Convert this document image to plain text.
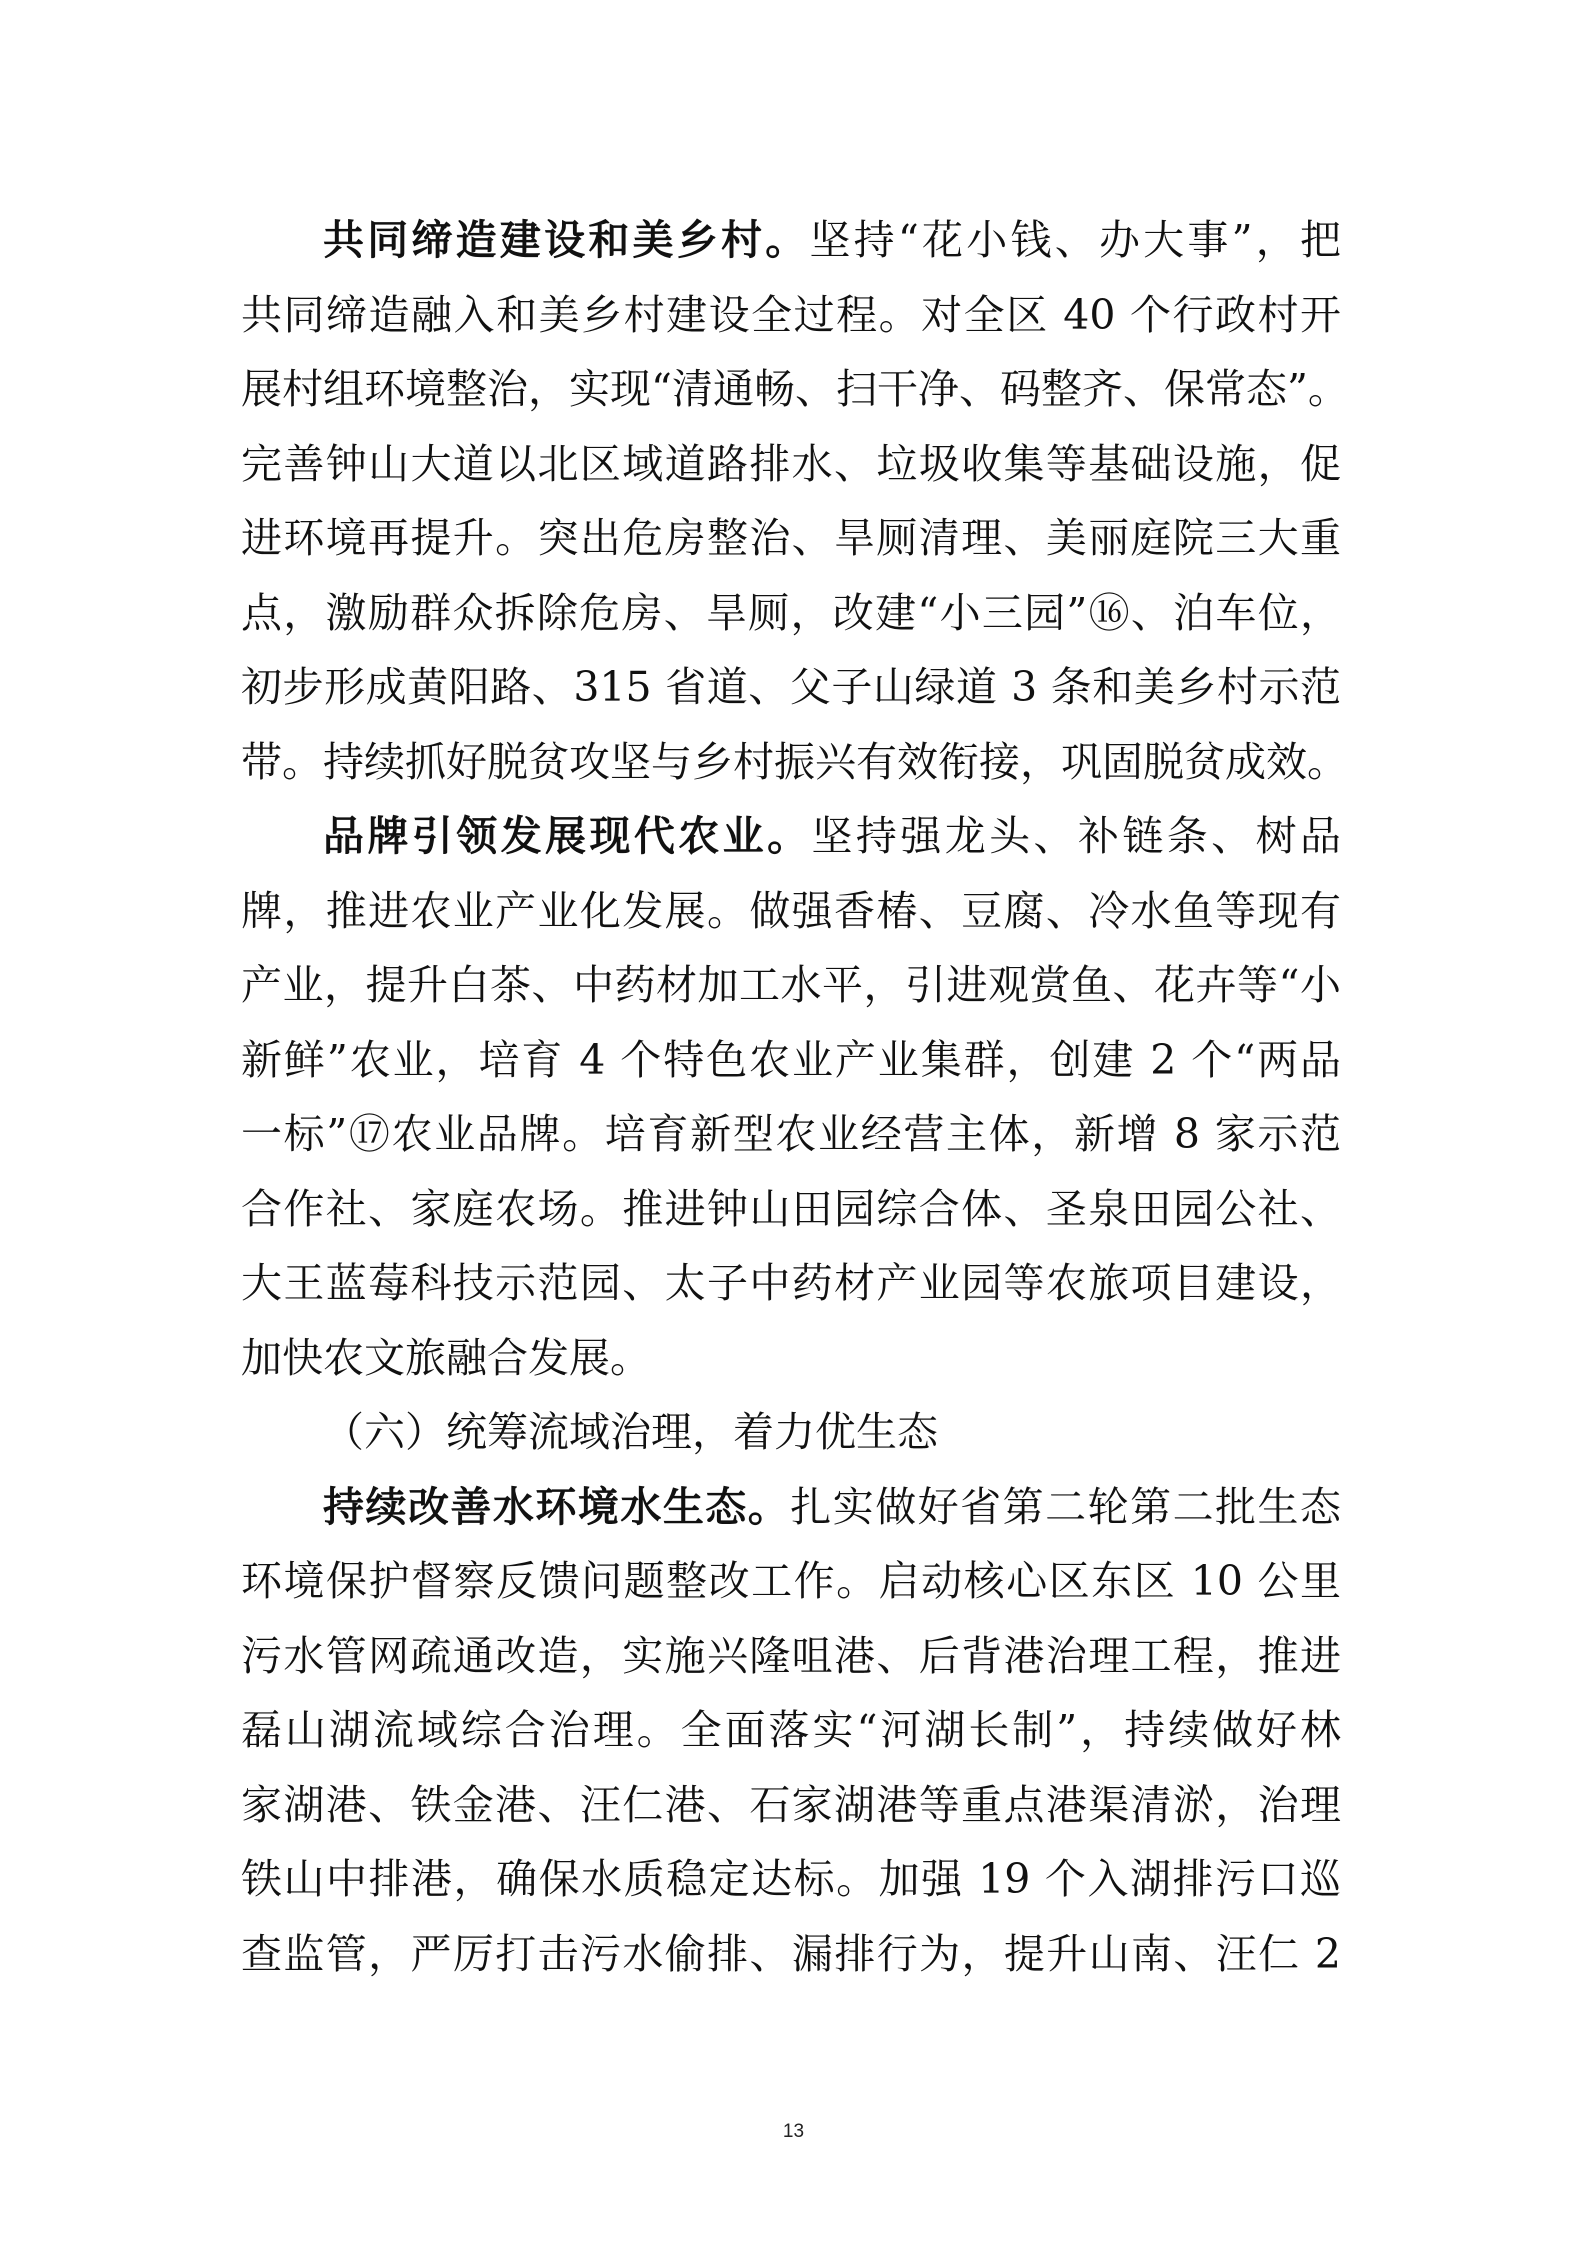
共同缔造建设和美乡村。坚持“花小钱、办大事”，把
共同缔造融入和美乡村建设全过程。对全区 40 个行政村开
展村组环境整治，实现“清通畅、扫干净、码整齐、保常态”。
完善钟山大道以北区域道路排水、垃圾收集等基础设施，促
进环境再提升。突出危房整治、旱厕清理、美丽庭院三大重
点，激励群众拆除危房、旱厕，改建“小三园”⑯、泊车位，
初步形成黄阳路、315 省道、父子山绿道 3 条和美乡村示范
带。持续抓好脱贫攻坚与乡村振兴有效衔接，巩固脱贫成效。
品牌引领发展现代农业。坚持强龙头、补链条、树品
牌，推进农业产业化发展。做强香椿、豆腐、冷水鱼等现有
产业，提升白茶、中药材加工水平，引进观赏鱼、花卉等“小
新鲜”农业，培育 4 个特色农业产业集群，创建 2 个“两品
一标”⑰农业品牌。培育新型农业经营主体，新增 8 家示范
合作社、家庭农场。推进钟山田园综合体、圣泉田园公社、
大王蓝莓科技示范园、太子中药材产业园等农旅项目建设，
加快农文旅融合发展。
（六）统筹流域治理，着力优生态
持续改善水环境水生态。扎实做好省第二轮第二批生态
环境保护督察反馈问题整改工作。启动核心区东区 10 公里
污水管网疏通改造，实施兴隆咀港、后背港治理工程，推进
磊山湖流域综合治理。全面落实“河湖长制”，持续做好林
家湖港、铁金港、汪仁港、石家湖港等重点港渠清淤，治理
铁山中排港，确保水质稳定达标。加强 19 个入湖排污口巡
查监管，严厉打击污水偷排、漏排行为，提升山南、汪仁 2
13
